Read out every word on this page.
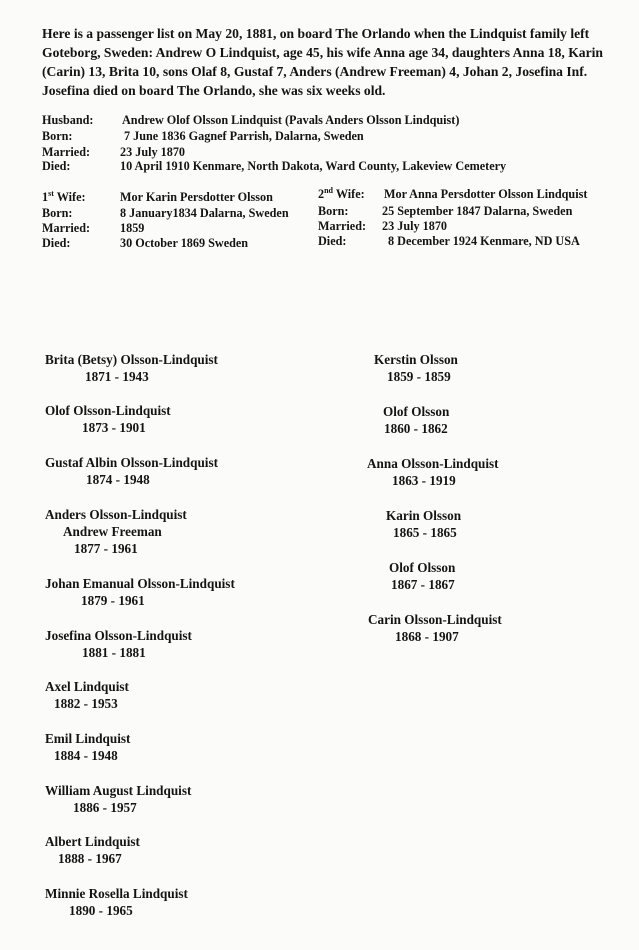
Here is a passenger list on May 20, 1881, on board The Orlando when the Lindquist family left Goteborg, Sweden: Andrew O Lindquist, age 45, his wife Anna age 34, daughters Anna 18, Karin (Carin) 13, Brita 10, sons Olaf 8, Gustaf 7, Anders (Andrew Freeman) 4, Johan 2, Josefina Inf. Josefina died on board The Orlando, she was six weeks old.

Husband: Andrew Olof Olsson Lindquist (Pavals Anders Olsson Lindquist)
Born:	7 June 1836 Gagnef Parrish, Dalarna, Sweden
Married: 23 July 1870
Died:	10 April 1910 Kenmare, North Dakota, Ward County, Lakeview Cemetery
1st Wife:	Mor Karin Persdotter Olsson
Born:	8 January1834 Dalarna, Sweden
Married: 1859
Died:	30 October 1869 Sweden
2nd Wife: Mor Anna Persdotter Olsson Lindquist
Born:	25 September 1847 Dalarna, Sweden
Married: 23 July 1870
Died:	8 December 1924 Kenmare, ND USA
Brita (Betsy) Olsson-Lindquist
1871 - 1943
Olof Olsson-Lindquist
1873 - 1901
Gustaf Albin Olsson-Lindquist
1874 - 1948
Anders Olsson-Lindquist
Andrew Freeman
1877 - 1961
Johan Emanual Olsson-Lindquist
1879 - 1961
Josefina Olsson-Lindquist
1881 - 1881
Axel Lindquist
1882 - 1953
Emil Lindquist
1884 - 1948
William August Lindquist
1886 - 1957
Albert Lindquist
1888 - 1967
Minnie Rosella Lindquist
1890 - 1965
Kerstin Olsson
1859 - 1859
Olof Olsson
1860 - 1862
Anna Olsson-Lindquist
1863 - 1919
Karin Olsson
1865 - 1865
Olof Olsson
1867 - 1867
Carin Olsson-Lindquist
1868 - 1907
